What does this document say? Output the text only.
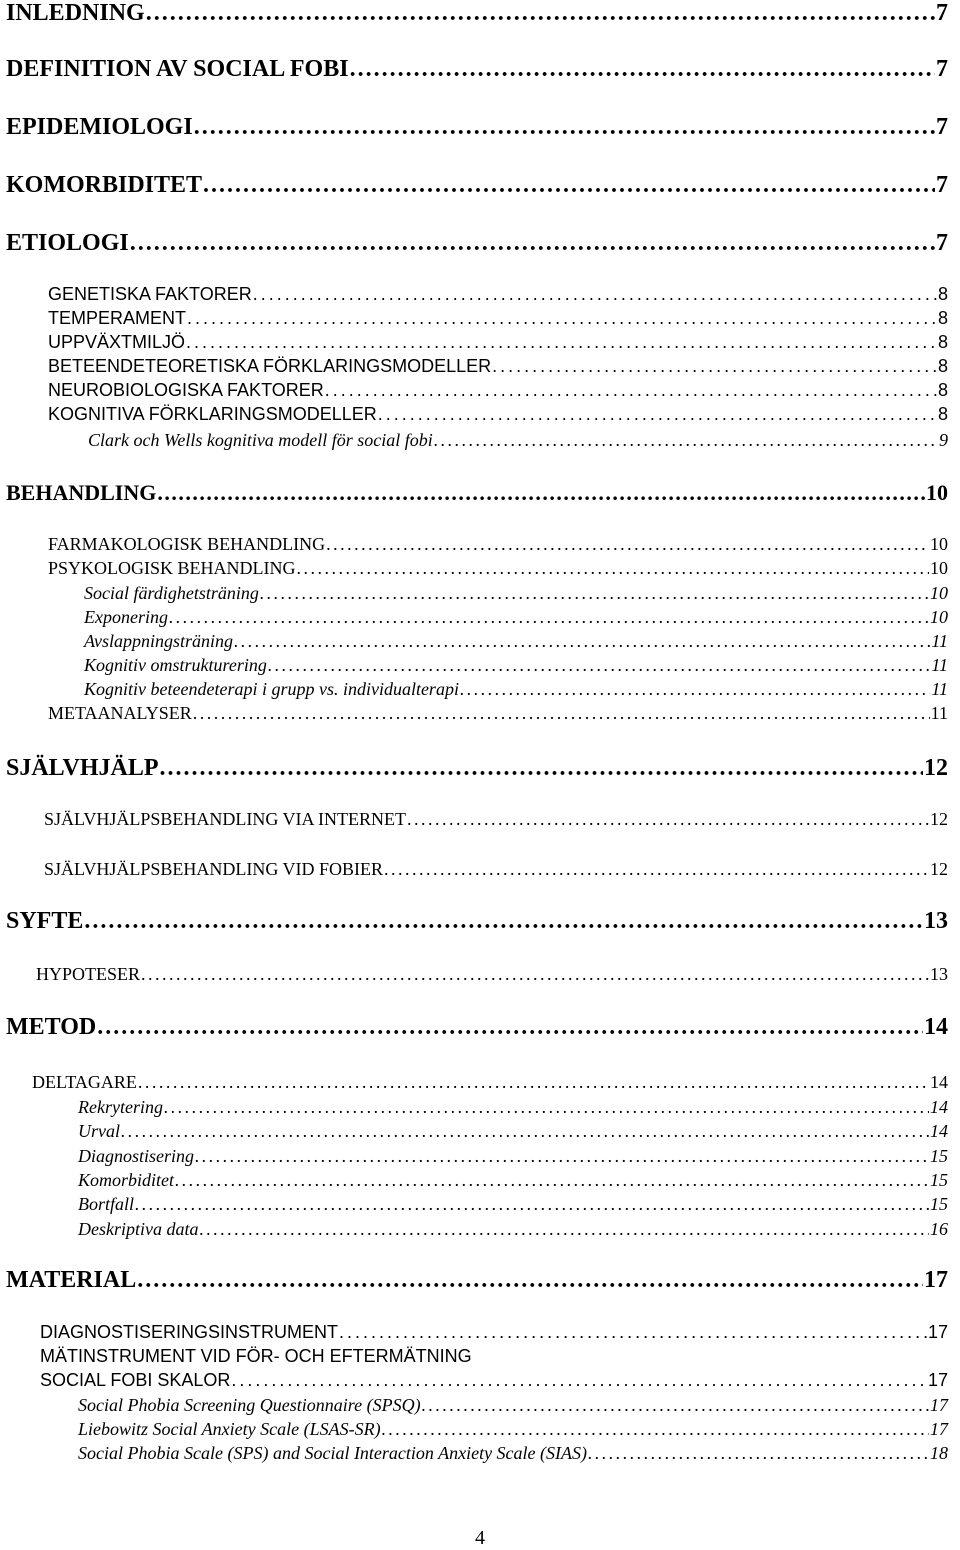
INLEDNING . . .	7
DEFINITION AV SOCIAL FOBI . . .	7
EPIDEMIOLOGI . . .	7
KOMORBIDITET . . .	7
ETIOLOGI . . .	7
GENETISKA FAKTORER . . .	8
TEMPERAMENT . . .	8
UPPVÄXTMILJÖ . . .	8
BETEENDETEORETISKA FÖRKLARINGSMODELLER . . .	8
NEUROBIOLOGISKA FAKTORER . . .	8
KOGNITIVA FÖRKLARINGSMODELLER . . .	8
Clark och Wells kognitiva modell för social fobi . . .	9
BEHANDLING . . .	10
FARMAKOLOGISK BEHANDLING . . .	10
PSYKOLOGISK BEHANDLING . . .	10
Social färdighetsträning . . .	10
Exponering . . .	10
Avslappningsträning . . .	11
Kognitiv omstrukturering . . .	11
Kognitiv beteendeterapi i grupp vs. individualterapi . . .	11
METAANALYSER . . .	11
SJÄLVHJÄLP . . .	12
SJÄLVHJÄLPSBEHANDLING VIA INTERNET . . .	12
SJÄLVHJÄLPSBEHANDLING VID FOBIER . . .	12
SYFTE . . .	13
HYPOTESER . . .	13
METOD . . .	14
DELTAGARE . . .	14
Rekrytering . . .	14
Urval . . .	14
Diagnostisering . . .	15
Komorbiditet . . .	15
Bortfall . . .	15
Deskriptiva data . . .	16
MATERIAL . . .	17
DIAGNOSTISERINGSINSTRUMENT . . .	17
MÄTINSTRUMENT VID FÖR- OCH EFTERMÄTNING
SOCIAL FOBI SKALOR . . .	17
Social Phobia Screening Questionnaire (SPSQ) . . .	17
Liebowitz Social Anxiety Scale (LSAS-SR) . . .	17
Social Phobia Scale (SPS) and Social Interaction Anxiety Scale (SIAS) . . .	18
4
